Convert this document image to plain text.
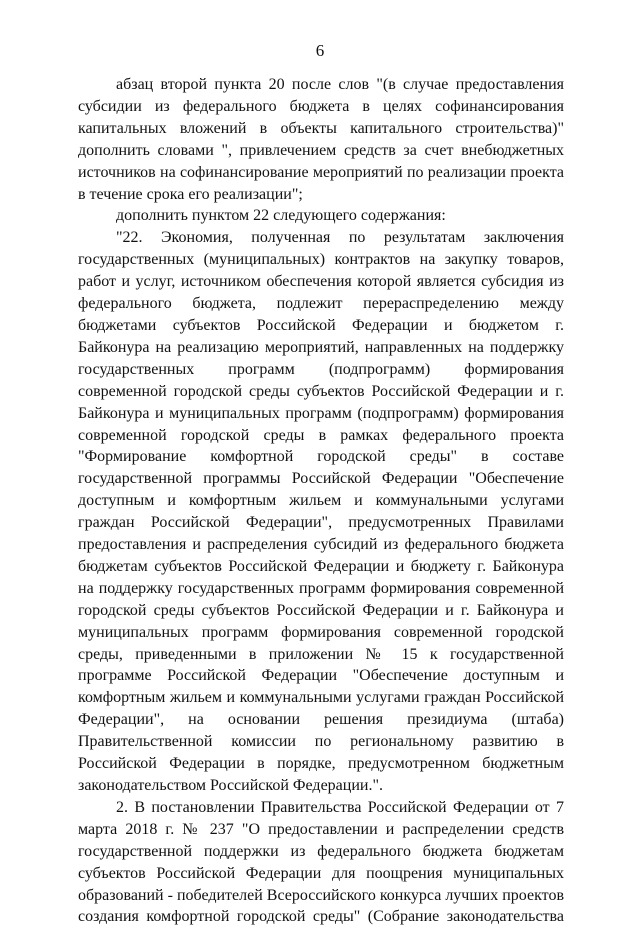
6

абзац второй пункта 20 после слов "(в случае предоставления субсидии из федерального бюджета в целях софинансирования капитальных вложений в объекты капитального строительства)" дополнить словами ", привлечением средств за счет внебюджетных источников на софинансирование мероприятий по реализации проекта в течение срока его реализации";

дополнить пунктом 22 следующего содержания:

"22. Экономия, полученная по результатам заключения государственных (муниципальных) контрактов на закупку товаров, работ и услуг, источником обеспечения которой является субсидия из федерального бюджета, подлежит перераспределению между бюджетами субъектов Российской Федерации и бюджетом г. Байконура на реализацию мероприятий, направленных на поддержку государственных программ (подпрограмм) формирования современной городской среды субъектов Российской Федерации и г. Байконура и муниципальных программ (подпрограмм) формирования современной городской среды в рамках федерального проекта "Формирование комфортной городской среды" в составе государственной программы Российской Федерации "Обеспечение доступным и комфортным жильем и коммунальными услугами граждан Российской Федерации", предусмотренных Правилами предоставления и распределения субсидий из федерального бюджета бюджетам субъектов Российской Федерации и бюджету г. Байконура на поддержку государственных программ формирования современной городской среды субъектов Российской Федерации и г. Байконура и муниципальных программ формирования современной городской среды, приведенными в приложении № 15 к государственной программе Российской Федерации "Обеспечение доступным и комфортным жильем и коммунальными услугами граждан Российской Федерации", на основании решения президиума (штаба) Правительственной комиссии по региональному развитию в Российской Федерации в порядке, предусмотренном бюджетным законодательством Российской Федерации.".

2. В постановлении Правительства Российской Федерации от 7 марта 2018 г. № 237 "О предоставлении и распределении средств государственной поддержки из федерального бюджета бюджетам субъектов Российской Федерации для поощрения муниципальных образований - победителей Всероссийского конкурса лучших проектов создания комфортной городской среды" (Собрание законодательства
